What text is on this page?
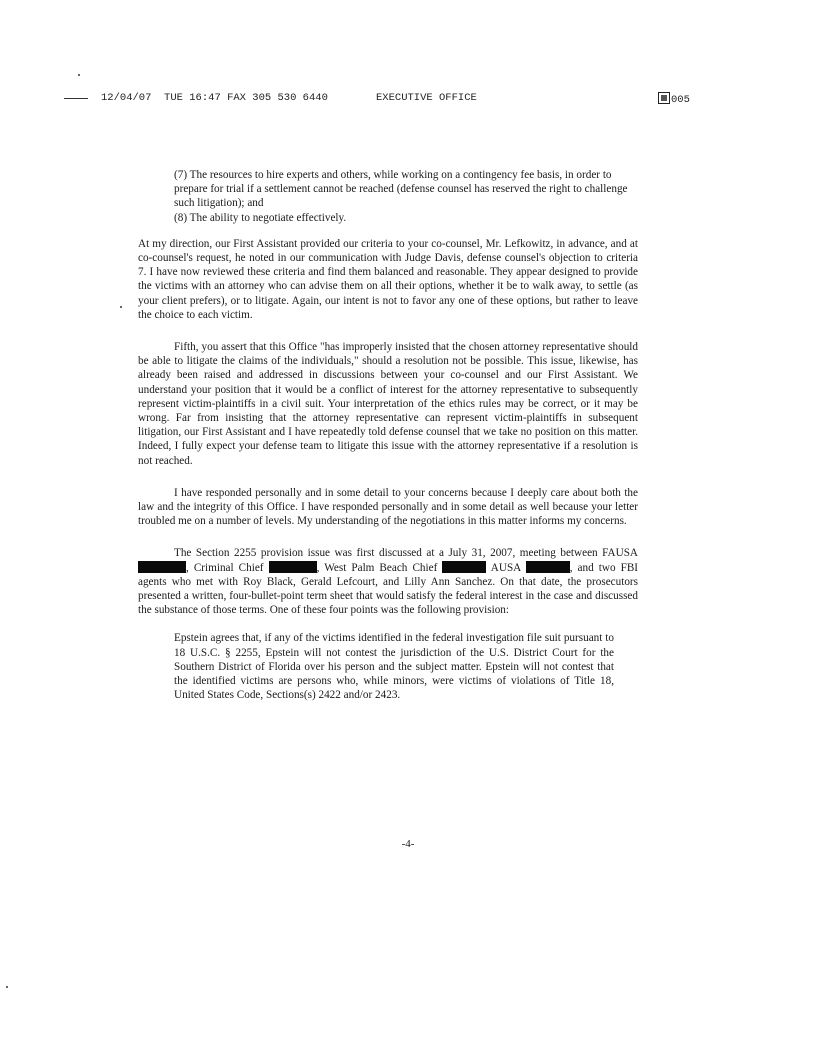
12/04/07 TUE 16:47 FAX 305 530 6440	EXECUTIVE OFFICE	005

(7) The resources to hire experts and others, while working on a contingency fee basis, in order to prepare for trial if a settlement cannot be reached (defense counsel has reserved the right to challenge such litigation); and

(8) The ability to negotiate effectively.

At my direction, our First Assistant provided our criteria to your co-counsel, Mr. Lefkowitz, in advance, and at co-counsel's request, he noted in our communication with Judge Davis, defense counsel's objection to criteria 7. I have now reviewed these criteria and find them balanced and reasonable. They appear designed to provide the victims with an attorney who can advise them on all their options, whether it be to walk away, to settle (as your client prefers), or to litigate. Again, our intent is not to favor any one of these options, but rather to leave the choice to each victim.

Fifth, you assert that this Office "has improperly insisted that the chosen attorney representative should be able to litigate the claims of the individuals," should a resolution not be possible. This issue, likewise, has already been raised and addressed in discussions between your co-counsel and our First Assistant. We understand your position that it would be a conflict of interest for the attorney representative to subsequently represent victim-plaintiffs in a civil suit. Your interpretation of the ethics rules may be correct, or it may be wrong. Far from insisting that the attorney representative can represent victim-plaintiffs in subsequent litigation, our First Assistant and I have repeatedly told defense counsel that we take no position on this matter. Indeed, I fully expect your defense team to litigate this issue with the attorney representative if a resolution is not reached.

I have responded personally and in some detail to your concerns because I deeply care about both the law and the integrity of this Office. I have responded personally and in some detail as well because your letter troubled me on a number of levels. My understanding of the negotiations in this matter informs my concerns.

The Section 2255 provision issue was first discussed at a July 31, 2007, meeting between FAUSA , Criminal Chief	, West Palm Beach Chief	AUSA	, and two FBI agents who met with Roy Black, Gerald Lefcourt, and Lilly Ann Sanchez. On that date, the prosecutors presented a written, four-bullet-point term sheet that would satisfy the federal interest in the case and discussed the substance of those terms. One of these four points was the following provision:

Epstein agrees that, if any of the victims identified in the federal investigation file suit pursuant to 18 U.S.C. § 2255, Epstein will not contest the jurisdiction of the U.S. District Court for the Southern District of Florida over his person and the subject matter. Epstein will not contest that the identified victims are persons who, while minors, were victims of violations of Title 18, United States Code, Sections(s) 2422 and/or 2423.

-4-
